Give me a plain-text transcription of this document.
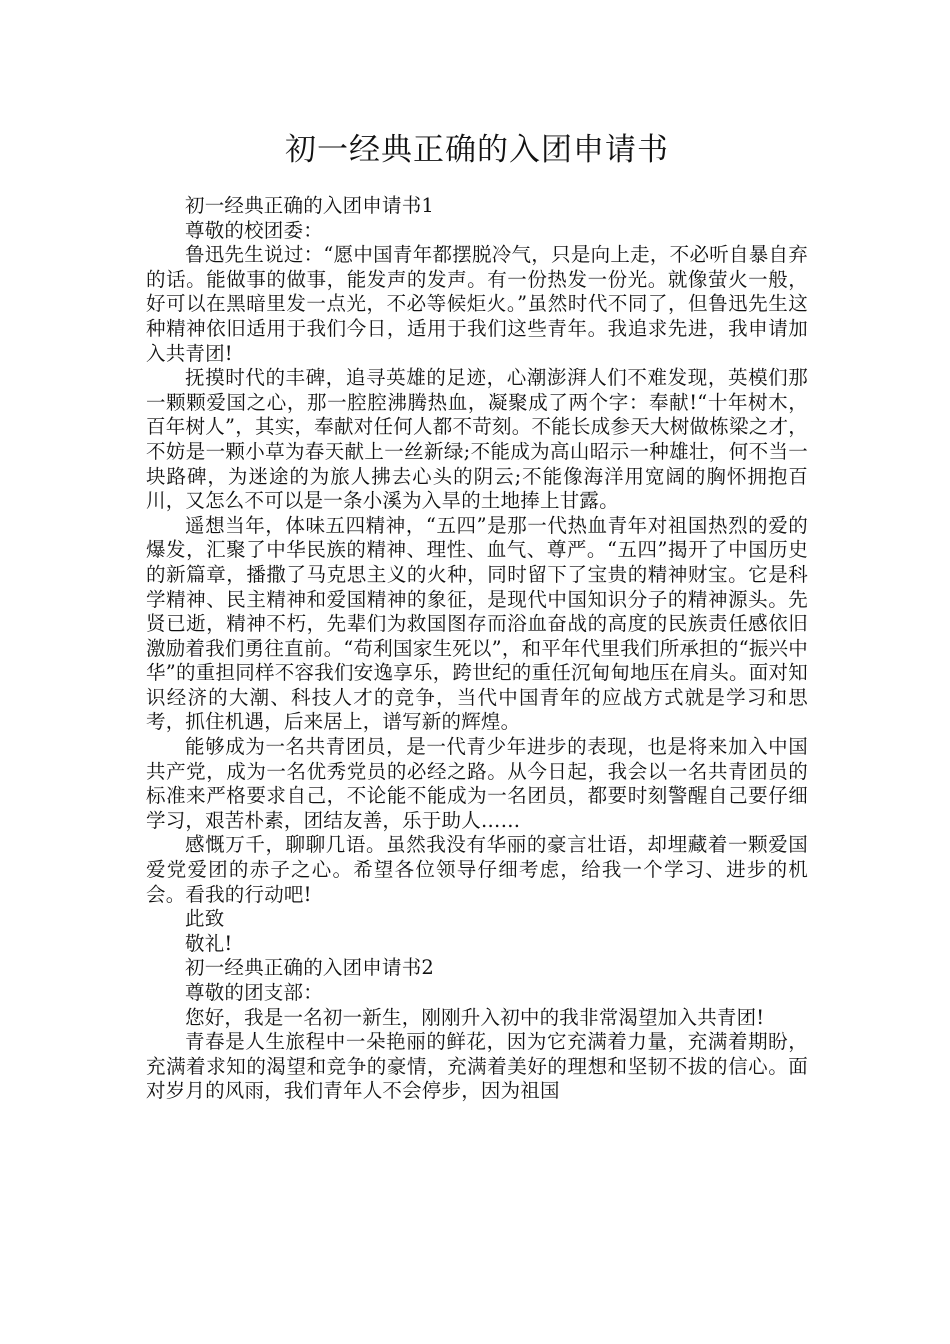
初一经典正确的入团申请书

初一经典正确的入团申请书1

尊敬的校团委：

鲁迅先生说过：“愿中国青年都摆脱冷气，只是向上走，不必听自暴自弃的话。能做事的做事，能发声的发声。有一份热发一份光。就像萤火一般，好可以在黑暗里发一点光，不必等候炬火。”虽然时代不同了，但鲁迅先生这种精神依旧适用于我们今日，适用于我们这些青年。我追求先进，我申请加入共青团!

抚摸时代的丰碑，追寻英雄的足迹，心潮澎湃人们不难发现，英模们那一颗颗爱国之心，那一腔腔沸腾热血，凝聚成了两个字：奉献!“十年树木，百年树人”，其实，奉献对任何人都不苛刻。不能长成参天大树做栋梁之才，不妨是一颗小草为春天献上一丝新绿;不能成为高山昭示一种雄壮，何不当一块路碑，为迷途的为旅人拂去心头的阴云;不能像海洋用宽阔的胸怀拥抱百川，又怎么不可以是一条小溪为入旱的土地捧上甘露。

遥想当年，体味五四精神，“五四”是那一代热血青年对祖国热烈的爱的爆发，汇聚了中华民族的精神、理性、血气、尊严。“五四”揭开了中国历史的新篇章，播撒了马克思主义的火种，同时留下了宝贵的精神财宝。它是科学精神、民主精神和爱国精神的象征，是现代中国知识分子的精神源头。先贤已逝，精神不朽，先辈们为救国图存而浴血奋战的高度的民族责任感依旧激励着我们勇往直前。“苟利国家生死以”，和平年代里我们所承担的“振兴中华”的重担同样不容我们安逸享乐，跨世纪的重任沉甸甸地压在肩头。面对知识经济的大潮、科技人才的竞争，当代中国青年的应战方式就是学习和思考，抓住机遇，后来居上，谱写新的辉煌。

能够成为一名共青团员，是一代青少年进步的表现，也是将来加入中国共产党，成为一名优秀党员的必经之路。从今日起，我会以一名共青团员的标准来严格要求自己，不论能不能成为一名团员，都要时刻警醒自己要仔细学习，艰苦朴素，团结友善，乐于助人……

感慨万千，聊聊几语。虽然我没有华丽的豪言壮语，却埋藏着一颗爱国爱党爱团的赤子之心。希望各位领导仔细考虑，给我一个学习、进步的机会。看我的行动吧!

此致

敬礼!

初一经典正确的入团申请书2

尊敬的团支部：

您好，我是一名初一新生，刚刚升入初中的我非常渴望加入共青团!

青春是人生旅程中一朵艳丽的鲜花，因为它充满着力量，充满着期盼，充满着求知的渴望和竞争的豪情，充满着美好的理想和坚韧不拔的信心。面对岁月的风雨，我们青年人不会停步，因为祖国
